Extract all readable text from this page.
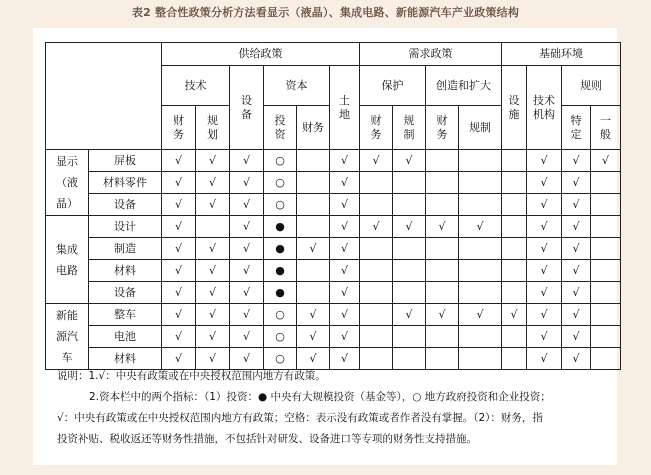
表2 整合性政策分析方法看显示（液晶）、集成电路、新能源汽车产业政策结构
		供给政策						需求政策				基础环境			
		技术		设备	资本		土地	保护		创造和扩大		设施	技术机构	规则	
		财务	规划		投资	财务		财务	规制	财务	规制			特定	一般

显示（液晶）	屏板	√	√	√	○		√	√	√				√	√	√
	材料零件	√	√	√	○		√						√	√	
	设备	√	√	√	○		√						√	√	
集成电路	设计	√		√	●		√	√	√	√	√		√	√	
	制造	√	√	√	●	√	√						√	√	
	材料	√	√	√	●		√						√	√	
	设备	√	√	√	●		√						√	√	
新能源汽车	整车	√	√	√	○	√	√		√	√	√	√	√	√	
	电池	√	√	√	○	√	√						√	√	
	材料	√	√	√	○	√	√						√	√	

说明：1.√：中央有政策或在中央授权范围内地方有政策。

2.资本栏中的两个指标：（1）投资：● 中央有大规模投资（基金等），○ 地方政府投资和企业投资；

√：中央有政策或在中央授权范围内地方有政策；空格：表示没有政策或者作者没有掌握。（2）：财务，指

投资补贴、税收返还等财务性措施，不包括针对研发、设备进口等专项的财务性支持措施。
